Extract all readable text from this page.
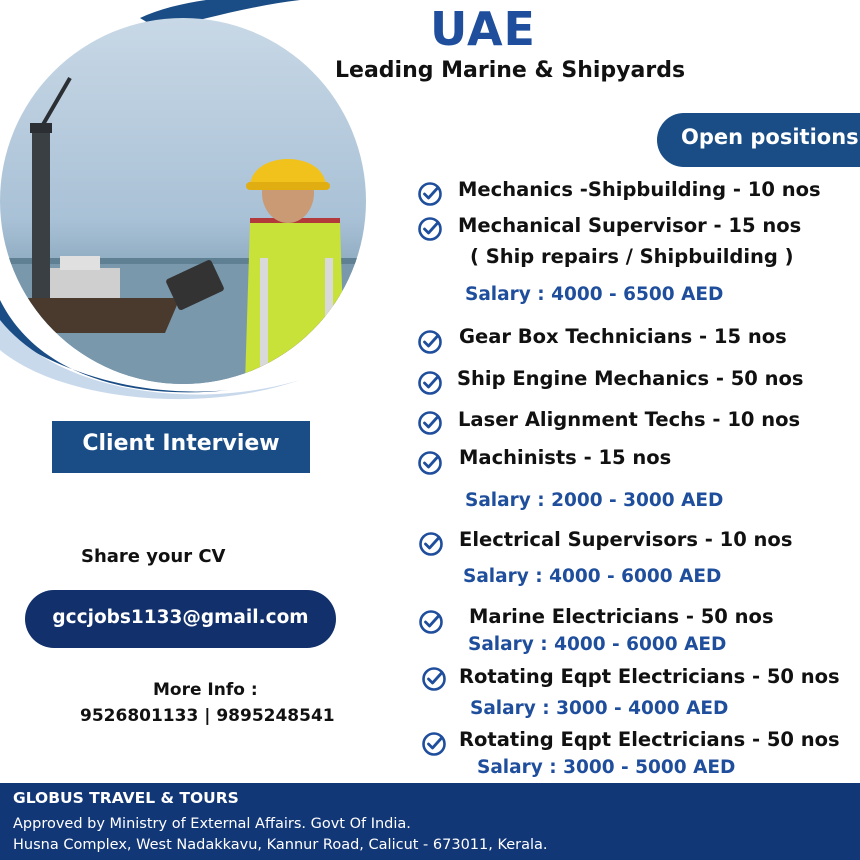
UAE
Leading Marine & Shipyards
Open positions
Mechanics -Shipbuilding - 10 nos
Mechanical Supervisor - 15 nos
( Ship repairs / Shipbuilding )
Salary : 4000 - 6500 AED
Gear Box Technicians - 15 nos
Ship Engine Mechanics - 50 nos
Laser Alignment Techs - 10 nos
Machinists - 15 nos
Salary : 2000 - 3000 AED
Electrical Supervisors - 10 nos
Salary : 4000 - 6000 AED
Marine Electricians - 50 nos
Salary : 4000 - 6000 AED
Rotating Eqpt Electricians - 50 nos
Salary : 3000 - 4000 AED
Rotating Eqpt Electricians - 50 nos
Salary : 3000 - 5000 AED
Client Interview
Share your CV
gccjobs1133@gmail.com
More Info :
9526801133 | 9895248541
GLOBUS TRAVEL & TOURS
Approved by Ministry of External Affairs. Govt Of India.
Husna Complex, West Nadakkavu, Kannur Road, Calicut - 673011, Kerala.
